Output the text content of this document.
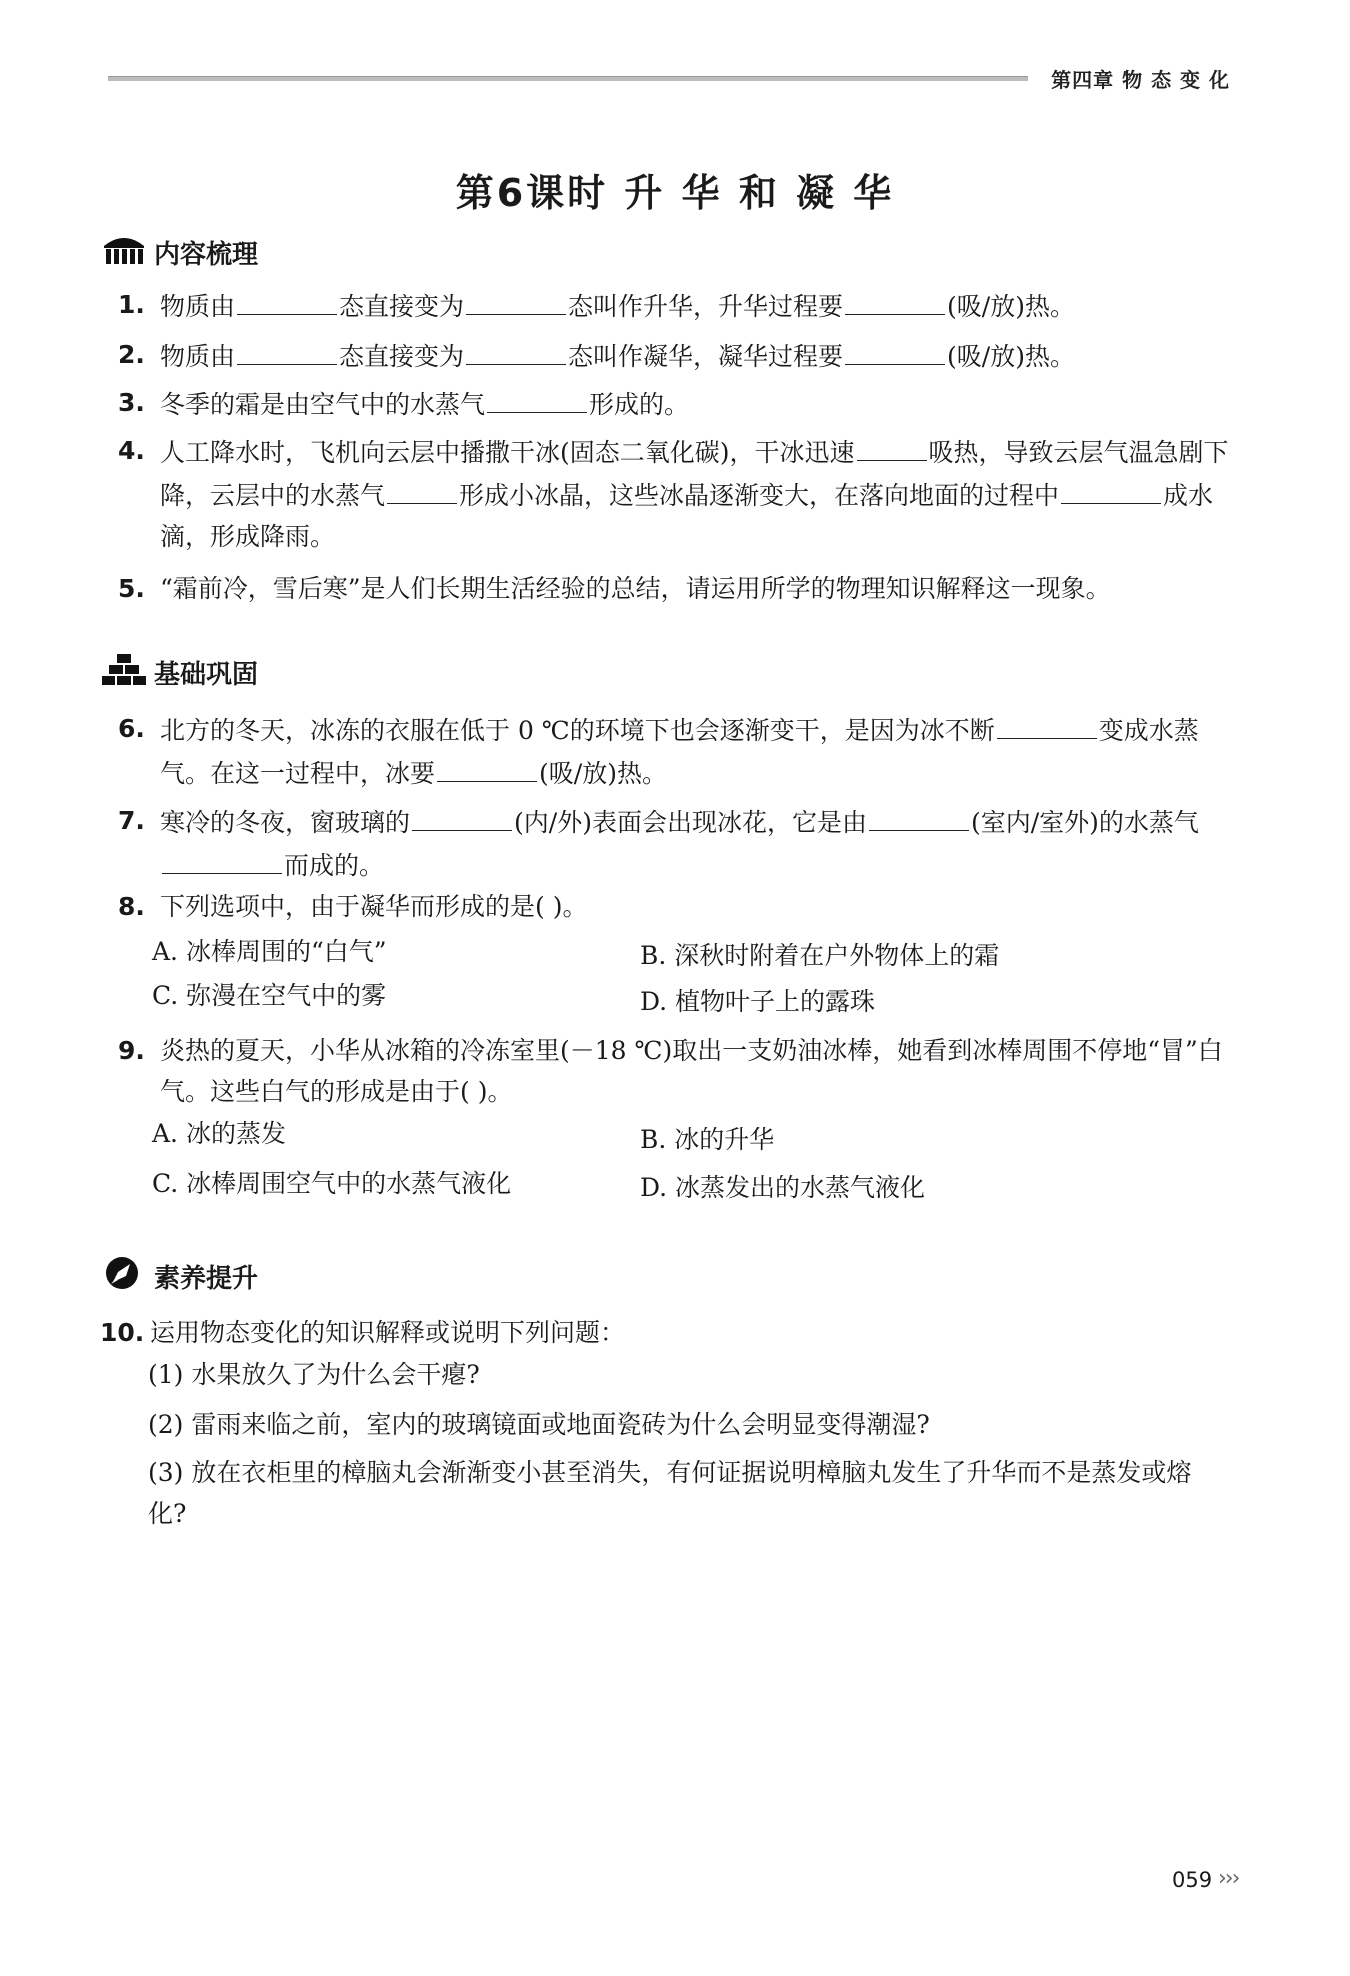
第四章 物 态 变 化
第6课时 升 华 和 凝 华
内容梳理
1. 物质由	态直接变为	态叫作升华，升华过程要	(吸/放)热。
2. 物质由	态直接变为	态叫作凝华，凝华过程要	(吸/放)热。
3. 冬季的霜是由空气中的水蒸气	形成的。
4. 人工降水时，飞机向云层中播撒干冰(固态二氧化碳)，干冰迅速	吸热，导致云层气温急剧下降，云层中的水蒸气	形成小冰晶，这些冰晶逐渐变大，在落向地面的过程中	成水滴，形成降雨。
5. “霜前冷，雪后寒”是人们长期生活经验的总结，请运用所学的物理知识解释这一现象。
基础巩固
6. 北方的冬天，冰冻的衣服在低于 0 ℃的环境下也会逐渐变干，是因为冰不断	变成水蒸气。在这一过程中，冰要	(吸/放)热。
7. 寒冷的冬夜，窗玻璃的	(内/外)表面会出现冰花，它是由	(室内/室外)的水蒸气而成的。
8. 下列选项中，由于凝华而形成的是( )。
A. 冰棒周围的“白气”	B. 深秋时附着在户外物体上的霜
C. 弥漫在空气中的雾	D. 植物叶子上的露珠
9. 炎热的夏天，小华从冰箱的冷冻室里(－18 ℃)取出一支奶油冰棒，她看到冰棒周围不停地“冒”白气。这些白气的形成是由于( )。
A. 冰的蒸发	B. 冰的升华
C. 冰棒周围空气中的水蒸气液化	D. 冰蒸发出的水蒸气液化
素养提升
10. 运用物态变化的知识解释或说明下列问题：
(1) 水果放久了为什么会干瘪?
(2) 雷雨来临之前，室内的玻璃镜面或地面瓷砖为什么会明显变得潮湿?
(3) 放在衣柜里的樟脑丸会渐渐变小甚至消失，有何证据说明樟脑丸发生了升华而不是蒸发或熔化?
059 ›››
